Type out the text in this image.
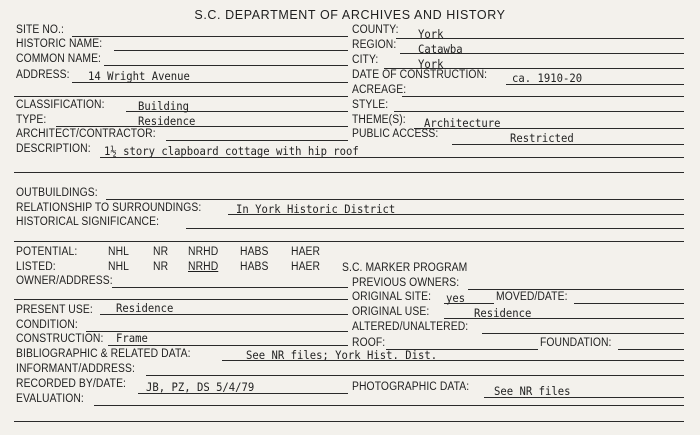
S.C. DEPARTMENT OF ARCHIVES AND HISTORY
SITE NO.:
HISTORIC NAME:
COMMON NAME:
ADDRESS: 14 Wright Avenue
COUNTY: York
REGION: Catawba
CITY:	York
DATE OF CONSTRUCTION: ca. 1910-20
ACREAGE:
CLASSIFICATION:	Building
TYPE:	Residence
ARCHITECT/CONTRACTOR:
DESCRIPTION: 1½ story clapboard cottage with hip roof
STYLE:
THEME(S): Architecture
PUBLIC ACCESS:	Restricted
OUTBUILDINGS:
RELATIONSHIP TO SURROUNDINGS:	In York Historic District
HISTORICAL SIGNIFICANCE:
POTENTIAL:	NHL NR NRHD HABS HAER
LISTED:	NHL NR NRHD HABS HAER S.C. MARKER PROGRAM
OWNER/ADDRESS:	PREVIOUS OWNERS:
ORIGINAL SITE: yes	MOVED/DATE:
PRESENT USE: Residence	ORIGINAL USE:	Residence
CONDITION:	ALTERED/UNALTERED:
CONSTRUCTION: Frame	ROOF:	FOUNDATION:
BIBLIOGRAPHIC & RELATED DATA:	See NR files; York Hist. Dist.
INFORMANT/ADDRESS:
RECORDED BY/DATE: JB, PZ, DS 5/4/79	PHOTOGRAPHIC DATA: See NR files
EVALUATION:
